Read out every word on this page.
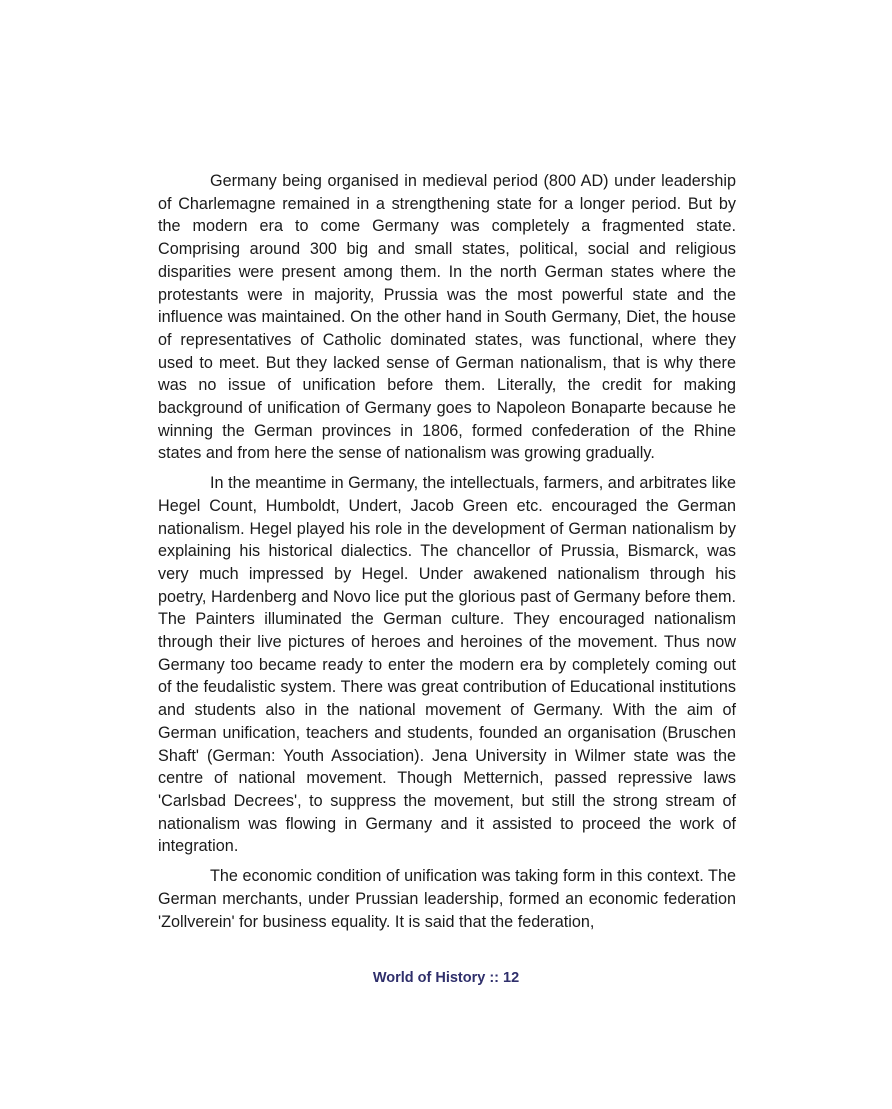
Germany being organised in medieval period (800 AD) under leadership of Charlemagne remained in a strengthening state for a longer period. But by the modern era to come Germany was completely a fragmented state. Comprising around 300 big and small states, political, social and religious disparities were present among them. In the north German states where the protestants were in majority, Prussia was the most powerful state and the influence was maintained. On the other hand in South Germany, Diet, the house of representatives of Catholic dominated states, was functional, where they used to meet. But they lacked sense of German nationalism, that is why there was no issue of unification before them. Literally, the credit for making background of unification of Germany goes to Napoleon Bonaparte because he winning the German provinces in 1806, formed confederation of the Rhine states and from here the sense of nationalism was growing gradually.

In the meantime in Germany, the intellectuals, farmers, and arbitrates like Hegel Count, Humboldt, Undert, Jacob Green etc. encouraged the German nationalism. Hegel played his role in the development of German nationalism by explaining his historical dialectics. The chancellor of Prussia, Bismarck, was very much impressed by Hegel. Under awakened nationalism through his poetry, Hardenberg and Novo lice put the glorious past of Germany before them. The Painters illuminated the German culture. They encouraged nationalism through their live pictures of heroes and heroines of the movement. Thus now Germany too became ready to enter the modern era by completely coming out of the feudalistic system. There was great contribution of Educational institutions and students also in the national movement of Germany. With the aim of German unification, teachers and students, founded an organisation (Bruschen Shaft' (German: Youth Association). Jena University in Wilmer state was the centre of national movement. Though Metternich, passed repressive laws 'Carlsbad Decrees', to suppress the movement, but still the strong stream of nationalism was flowing in Germany and it assisted to proceed the work of integration.

The economic condition of unification was taking form in this context. The German merchants, under Prussian leadership, formed an economic federation 'Zollverein' for business equality. It is said that the federation,

World of History :: 12
